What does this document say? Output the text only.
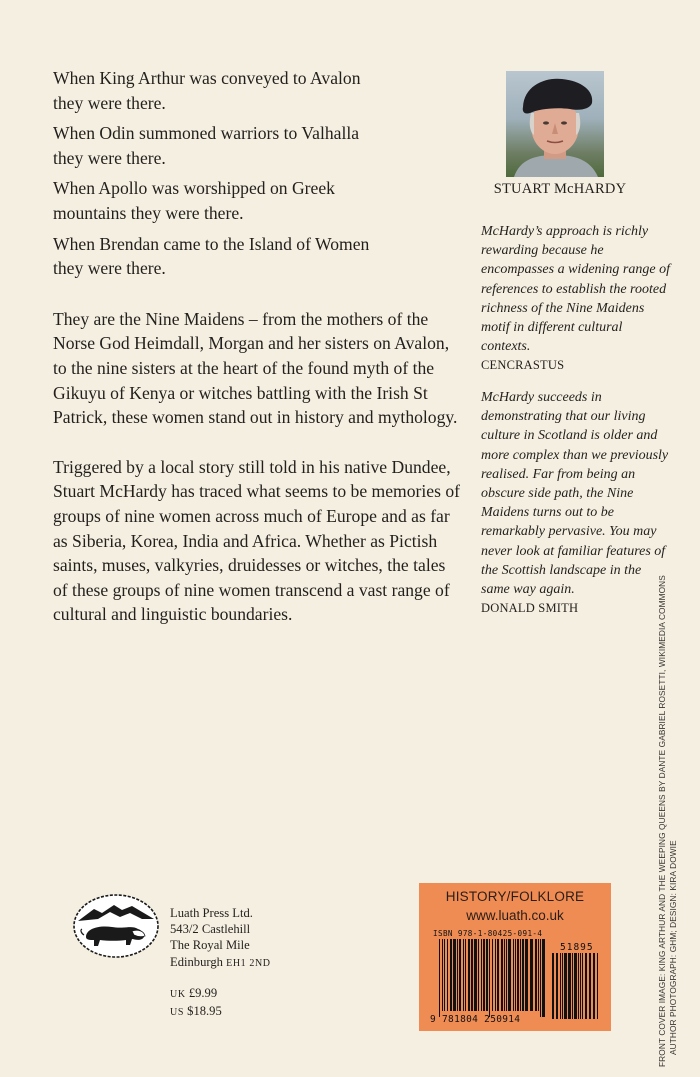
When King Arthur was conveyed to Avalon
they were there.

When Odin summoned warriors to Valhalla
they were there.

When Apollo was worshipped on Greek
mountains they were there.

When Brendan came to the Island of Women
they were there.

They are the Nine Maidens – from the mothers of the Norse God Heimdall, Morgan and her sisters on Avalon, to the nine sisters at the heart of the found myth of the Gikuyu of Kenya or witches battling with the Irish St Patrick, these women stand out in history and mythology.

Triggered by a local story still told in his native Dundee, Stuart McHardy has traced what seems to be memories of groups of nine women across much of Europe and as far as Siberia, Korea, India and Africa. Whether as Pictish saints, muses, valkyries, druidesses or witches, the tales of these groups of nine women transcend a vast range of cultural and linguistic boundaries.

STUART McHARDY
McHardy’s approach is richly rewarding because he encompasses a widening range of references to establish the rooted richness of the Nine Maidens motif in different cultural contexts.
CENCRASTUS
McHardy succeeds in demonstrating that our living culture in Scotland is older and more complex than we previously realised. Far from being an obscure side path, the Nine Maidens turns out to be remarkably pervasive. You may never look at familiar features of the Scottish landscape in the same way again.
DONALD SMITH	FRONT COVER IMAGE: KING ARTHUR AND THE WEEPING QUEENS BY DANTE GABRIEL ROSETTI, WIKIMEDIA COMMONS AUTHOR PHOTOGRAPH: GHM; DESIGN: KIRA DOWIE
Luath Press Ltd.
543/2 Castlehill
The Royal Mile
Edinburgh EH1 2ND
UK £9.99
US $18.95
HISTORY/FOLKLORE
www.luath.co.uk
ISBN 978-1-80425-091-4
51895
9 781804 250914
